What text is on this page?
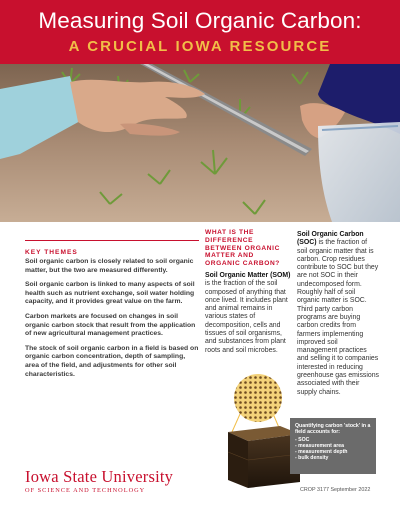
Measuring Soil Organic Carbon:
A CRUCIAL IOWA RESOURCE
KEY THEMES

Soil organic carbon is closely related to soil organic matter, but the two are measured differently.

Soil organic carbon is linked to many aspects of soil health such as nutrient exchange, soil water holding capacity, and it provides great value on the farm.

Carbon markets are focused on changes in soil organic carbon stock that result from the application of new agricultural management practices.

The stock of soil organic carbon in a field is based on organic carbon concentration, depth of sampling, area of the field, and adjustments for other soil characteristics.

WHAT IS THE DIFFERENCE BETWEEN ORGANIC MATTER AND ORGANIC CARBON?

Soil Organic Matter (SOM) is the fraction of the soil composed of anything that once lived. It includes plant and animal remains in various states of decomposition, cells and tissues of soil organisms, and substances from plant roots and soil microbes.

Soil Organic Carbon (SOC) is the fraction of soil organic matter that is carbon. Crop residues contribute to SOC but they are not SOC in their undecomposed form. Roughly half of soil organic matter is SOC. Third party carbon programs are buying carbon credits from farmers implementing improved soil management practices and selling it to companies interested in reducing greenhouse gas emissions associated with their supply chains.

Quantifying carbon 'stock' in a field accounts for:
- SOC
- measurement area
- measurement depth
- bulk density
Iowa State University
OF SCIENCE AND TECHNOLOGY	CROP 3177 September 2022
